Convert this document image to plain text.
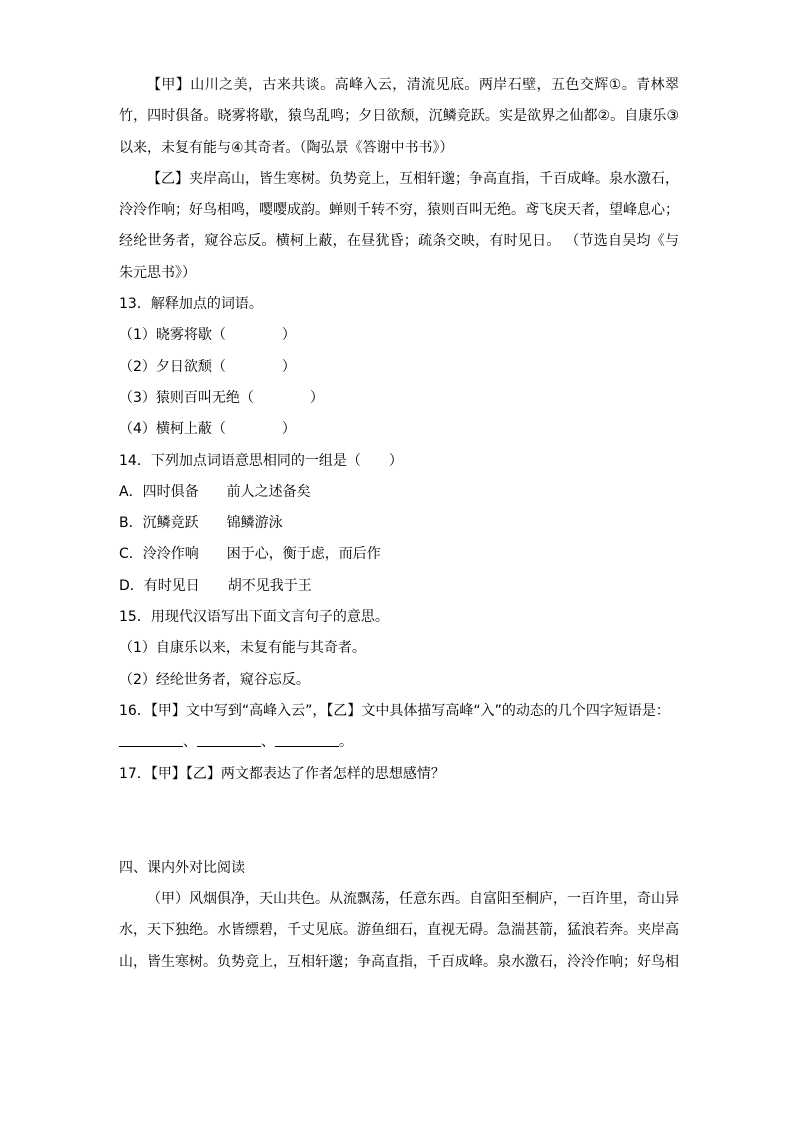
【甲】山川之美，古来共谈。高峰入云，清流见底。两岸石壁，五色交辉①。青林翠竹，四时俱备。晓雾将歇，猿鸟乱鸣；夕日欲颓，沉鳞竞跃。实是欲界之仙都②。自康乐③以来，未复有能与④其奇者。（陶弘景《答谢中书书》）

【乙】夹岸高山，皆生寒树。负势竞上，互相轩邈；争高直指，千百成峰。泉水激石，泠泠作响；好鸟相鸣，嘤嘤成韵。蝉则千转不穷，猿则百叫无绝。鸢飞戾天者，望峰息心；经纶世务者，窥谷忘反。横柯上蔽，在昼犹昏；疏条交映，有时见日。 （节选自吴均《与朱元思书》）

13．解释加点的词语。

（1）晓雾将歇（　　　　）

（2）夕日欲颓（　　　　）

（3）猿则百叫无绝（　　　　）

（4）横柯上蔽（　　　　）

14．下列加点词语意思相同的一组是（　　）

A．四时俱备　　前人之述备矣

B．沉鳞竞跃　　锦鳞游泳

C．泠泠作响　　困于心，衡于虑，而后作

D．有时见日　　胡不见我于王

15．用现代汉语写出下面文言句子的意思。

（1）自康乐以来，未复有能与其奇者。

（2）经纶世务者，窥谷忘反。

16．【甲】文中写到“高峰入云”，【乙】文中具体描写高峰“入”的动态的几个四字短语是：

、	、	。

17．【甲】【乙】两文都表达了作者怎样的思想感情？

四、课内外对比阅读

（甲）风烟俱净，天山共色。从流飘荡，任意东西。自富阳至桐庐，一百许里，奇山异水，天下独绝。水皆缥碧，千丈见底。游鱼细石，直视无碍。急湍甚箭，猛浪若奔。夹岸高山，皆生寒树。负势竞上，互相轩邈；争高直指，千百成峰。泉水激石，泠泠作响；好鸟相
